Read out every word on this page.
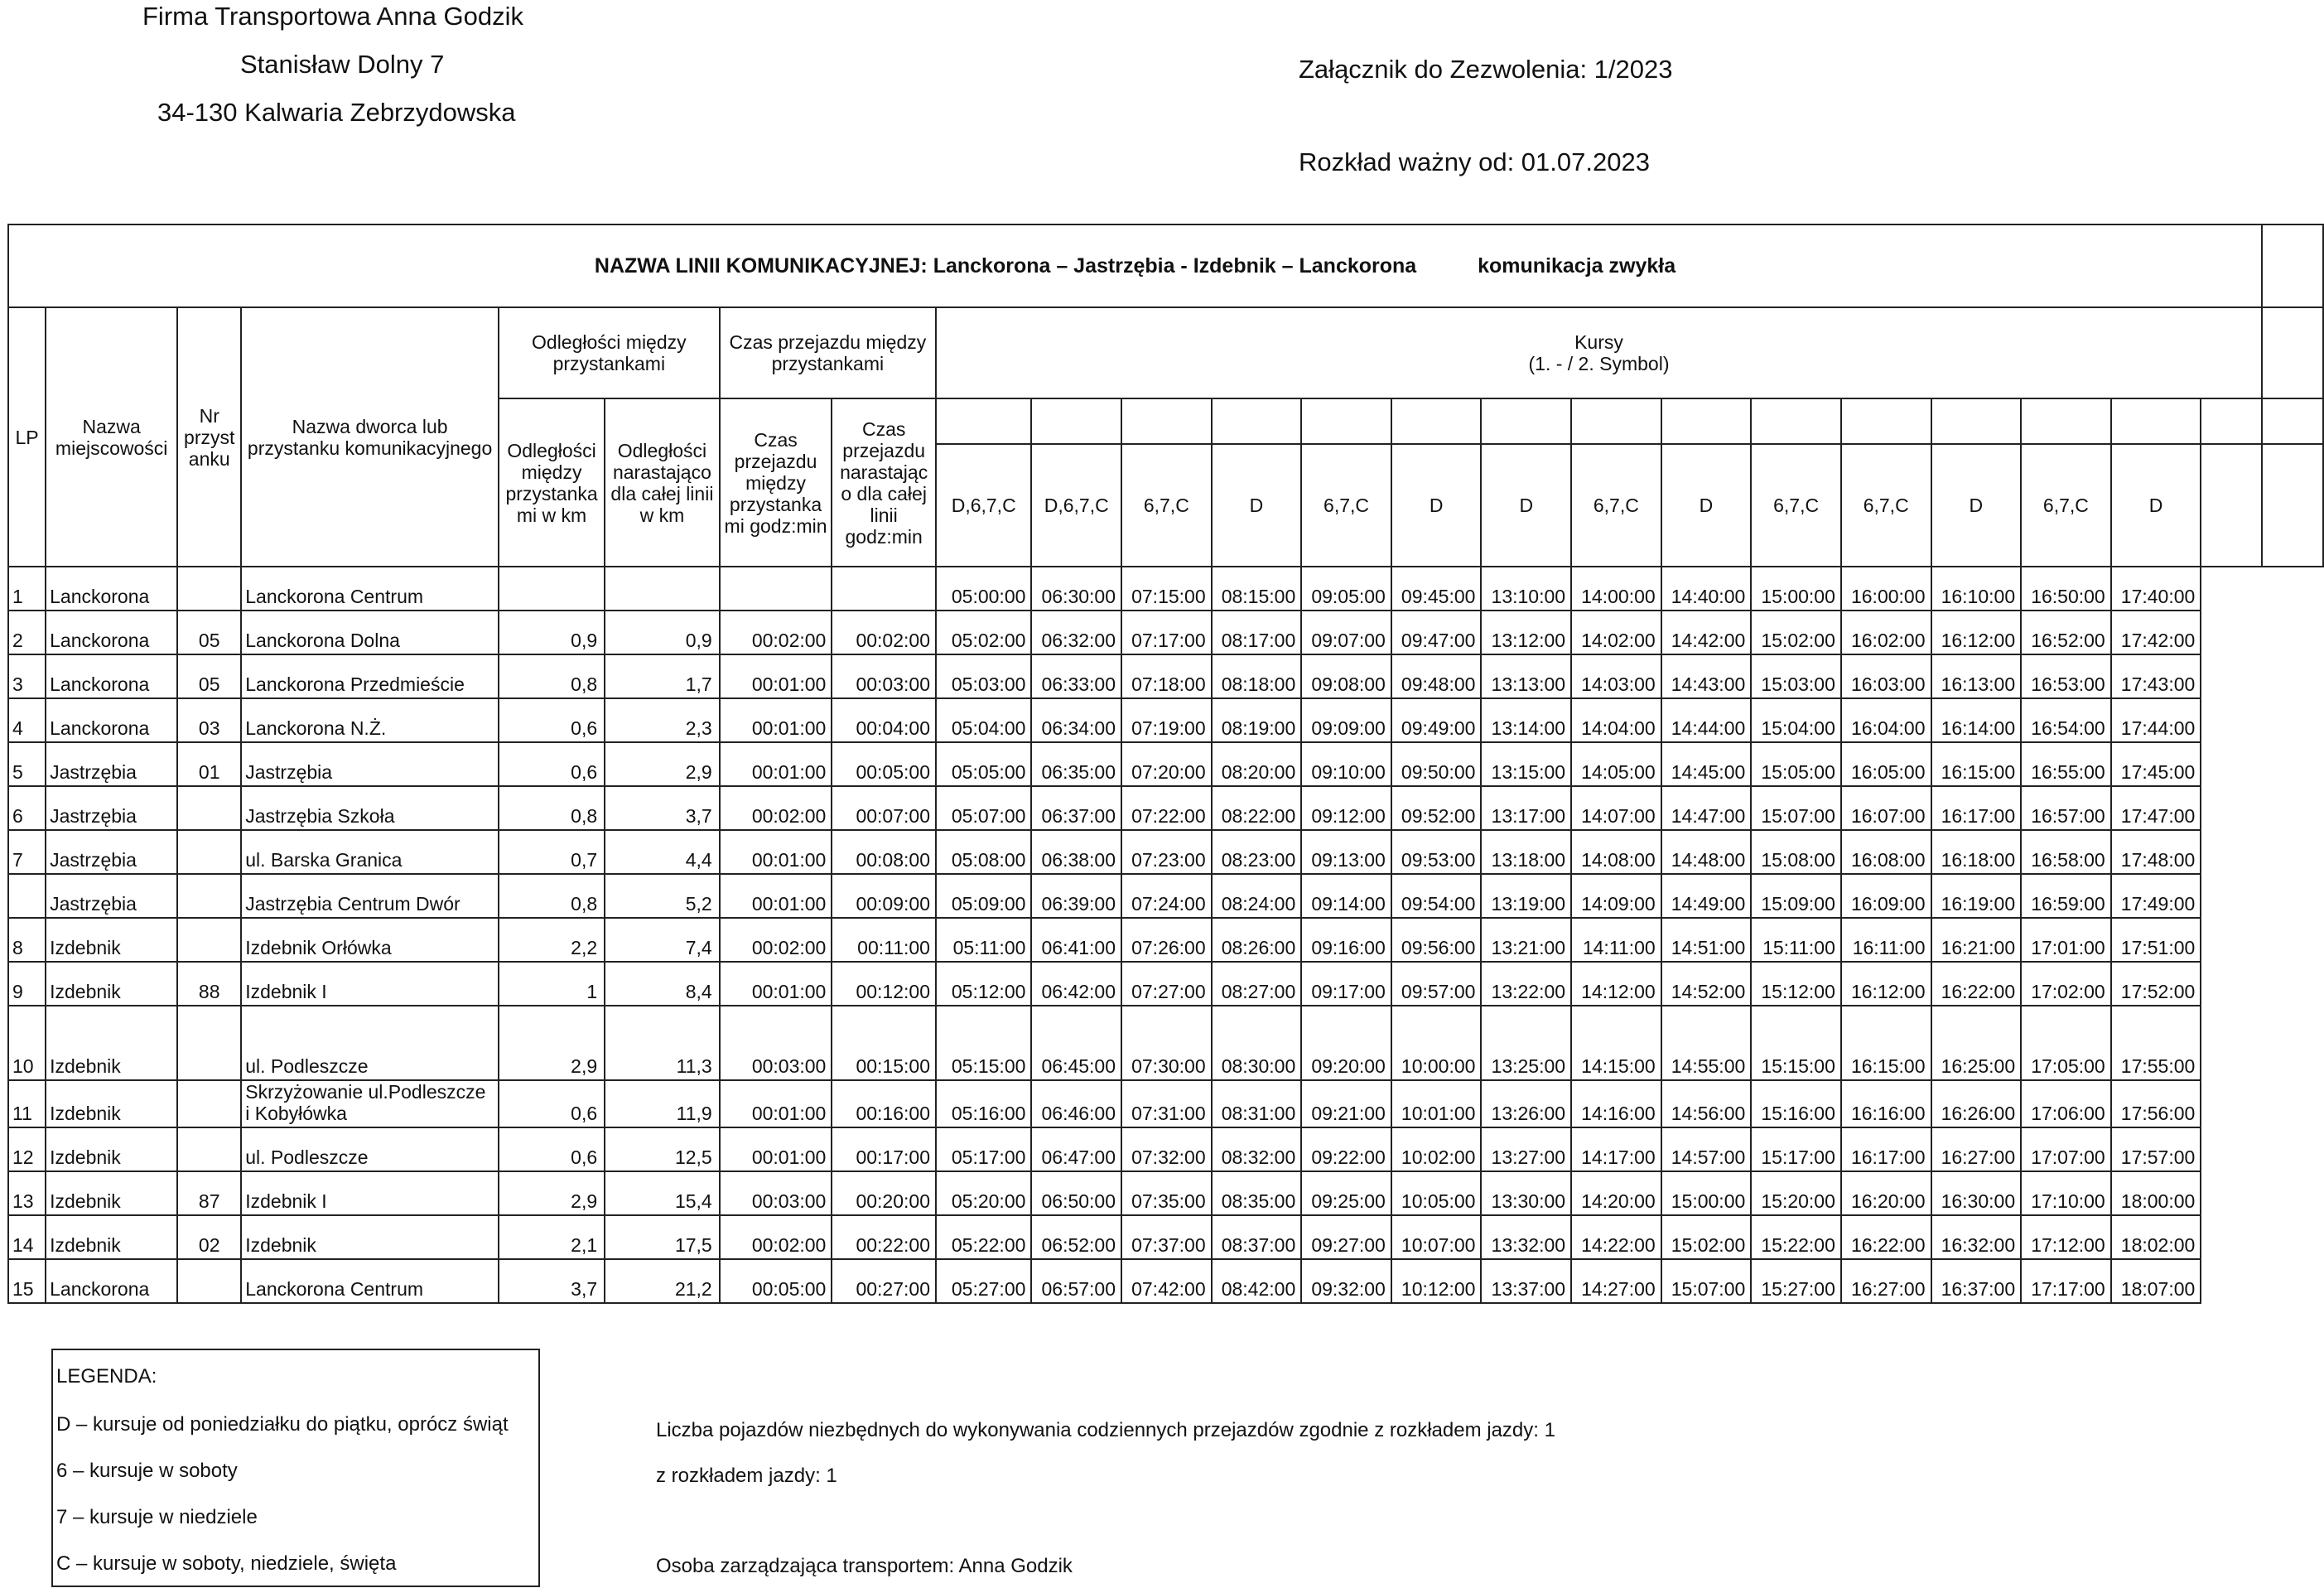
Firma Transportowa Anna Godzik
Stanisław Dolny 7
34-130 Kalwaria Zebrzydowska
Załącznik do Zezwolenia: 1/2023
Rozkład ważny od: 01.07.2023
NAZWA LINII KOMUNIKACYJNEJ: Lanckorona – Jastrzębia - Izdebnik – Lanckorona komunikacja zwykła																							
LP	Nazwa miejscowości	Nr przyst anku	Nazwa dworca lub przystanku komunikacyjnego	Odległości między przystankami		Czas przejazdu między przystankami		Kursy
(1. - / 2. Symbol)															

				Odległości między przystanka mi w km	Odległości narastająco dla całej linii w km	Czas przejazdu między przystanka mi godz:min	Czas przejazdu narastając o dla całej linii godz:min																
								D,6,7,C	D,6,7,C	6,7,C	D	6,7,C	D	D	6,7,C	D	6,7,C	6,7,C	D	6,7,C	D		
1	Lanckorona		Lanckorona Centrum					05:00:00	06:30:00	07:15:00	08:15:00	09:05:00	09:45:00	13:10:00	14:00:00	14:40:00	15:00:00	16:00:00	16:10:00	16:50:00	17:40:00		
2	Lanckorona	05	Lanckorona Dolna	0,9	0,9	00:02:00	00:02:00	05:02:00	06:32:00	07:17:00	08:17:00	09:07:00	09:47:00	13:12:00	14:02:00	14:42:00	15:02:00	16:02:00	16:12:00	16:52:00	17:42:00		
3	Lanckorona	05	Lanckorona Przedmieście	0,8	1,7	00:01:00	00:03:00	05:03:00	06:33:00	07:18:00	08:18:00	09:08:00	09:48:00	13:13:00	14:03:00	14:43:00	15:03:00	16:03:00	16:13:00	16:53:00	17:43:00		
4	Lanckorona	03	Lanckorona N.Ż.	0,6	2,3	00:01:00	00:04:00	05:04:00	06:34:00	07:19:00	08:19:00	09:09:00	09:49:00	13:14:00	14:04:00	14:44:00	15:04:00	16:04:00	16:14:00	16:54:00	17:44:00		
5	Jastrzębia	01	Jastrzębia	0,6	2,9	00:01:00	00:05:00	05:05:00	06:35:00	07:20:00	08:20:00	09:10:00	09:50:00	13:15:00	14:05:00	14:45:00	15:05:00	16:05:00	16:15:00	16:55:00	17:45:00		
6	Jastrzębia		Jastrzębia Szkoła	0,8	3,7	00:02:00	00:07:00	05:07:00	06:37:00	07:22:00	08:22:00	09:12:00	09:52:00	13:17:00	14:07:00	14:47:00	15:07:00	16:07:00	16:17:00	16:57:00	17:47:00		
7	Jastrzębia		ul. Barska Granica	0,7	4,4	00:01:00	00:08:00	05:08:00	06:38:00	07:23:00	08:23:00	09:13:00	09:53:00	13:18:00	14:08:00	14:48:00	15:08:00	16:08:00	16:18:00	16:58:00	17:48:00		
	Jastrzębia		Jastrzębia Centrum Dwór	0,8	5,2	00:01:00	00:09:00	05:09:00	06:39:00	07:24:00	08:24:00	09:14:00	09:54:00	13:19:00	14:09:00	14:49:00	15:09:00	16:09:00	16:19:00	16:59:00	17:49:00		
8	Izdebnik		Izdebnik Orłówka	2,2	7,4	00:02:00	00:11:00	05:11:00	06:41:00	07:26:00	08:26:00	09:16:00	09:56:00	13:21:00	14:11:00	14:51:00	15:11:00	16:11:00	16:21:00	17:01:00	17:51:00		
9	Izdebnik	88	Izdebnik I	1	8,4	00:01:00	00:12:00	05:12:00	06:42:00	07:27:00	08:27:00	09:17:00	09:57:00	13:22:00	14:12:00	14:52:00	15:12:00	16:12:00	16:22:00	17:02:00	17:52:00		
10	Izdebnik		ul. Podleszcze	2,9	11,3	00:03:00	00:15:00	05:15:00	06:45:00	07:30:00	08:30:00	09:20:00	10:00:00	13:25:00	14:15:00	14:55:00	15:15:00	16:15:00	16:25:00	17:05:00	17:55:00		
11	Izdebnik		Skrzyżowanie ul.Podleszcze i Kobyłówka	0,6	11,9	00:01:00	00:16:00	05:16:00	06:46:00	07:31:00	08:31:00	09:21:00	10:01:00	13:26:00	14:16:00	14:56:00	15:16:00	16:16:00	16:26:00	17:06:00	17:56:00		
12	Izdebnik		ul. Podleszcze	0,6	12,5	00:01:00	00:17:00	05:17:00	06:47:00	07:32:00	08:32:00	09:22:00	10:02:00	13:27:00	14:17:00	14:57:00	15:17:00	16:17:00	16:27:00	17:07:00	17:57:00		
13	Izdebnik	87	Izdebnik I	2,9	15,4	00:03:00	00:20:00	05:20:00	06:50:00	07:35:00	08:35:00	09:25:00	10:05:00	13:30:00	14:20:00	15:00:00	15:20:00	16:20:00	16:30:00	17:10:00	18:00:00		
14	Izdebnik	02	Izdebnik	2,1	17,5	00:02:00	00:22:00	05:22:00	06:52:00	07:37:00	08:37:00	09:27:00	10:07:00	13:32:00	14:22:00	15:02:00	15:22:00	16:22:00	16:32:00	17:12:00	18:02:00		
15	Lanckorona		Lanckorona Centrum	3,7	21,2	00:05:00	00:27:00	05:27:00	06:57:00	07:42:00	08:42:00	09:32:00	10:12:00	13:37:00	14:27:00	15:07:00	15:27:00	16:27:00	16:37:00	17:17:00	18:07:00		
LEGENDA:
D – kursuje od poniedziałku do piątku, oprócz świąt
6 – kursuje w soboty
7 – kursuje w niedziele
C – kursuje w soboty, niedziele, święta
Liczba pojazdów niezbędnych do wykonywania codziennych przejazdów zgodnie z rozkładem jazdy: 1
z rozkładem jazdy: 1
Osoba zarządzająca transportem: Anna Godzik
